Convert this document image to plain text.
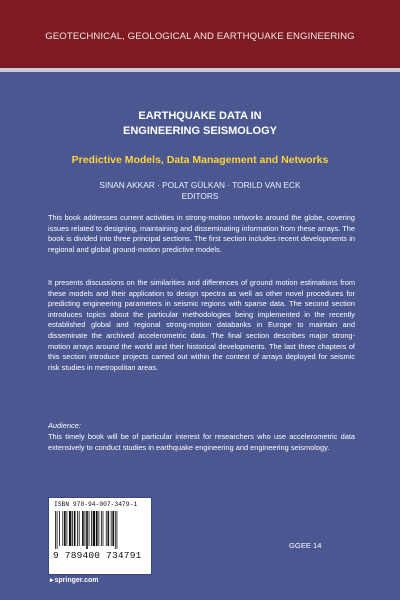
GEOTECHNICAL, GEOLOGICAL AND EARTHQUAKE ENGINEERING
EARTHQUAKE DATA IN
ENGINEERING SEISMOLOGY
Predictive Models, Data Management and Networks
SINAN AKKAR · POLAT GÜLKAN · TORILD VAN ECK
EDITORS
This book addresses current activities in strong-motion networks around the globe, covering issues related to designing, maintaining and disseminating information from these arrays. The book is divided into three principal sections. The first section includes recent developments in regional and global ground-motion predictive models.
It presents discussions on the similarities and differences of ground motion estimations from these models and their application to design spectra as well as other novel procedures for predicting engineering parameters in seismic regions with sparse data. The second section introduces topics about the particular methodologies being implemented in the recently established global and regional strong-motion databanks in Europe to maintain and disseminate the archived accelerometric data. The final section describes major strong-motion arrays around the world and their historical developments. The last three chapters of this section introduce projects carried out within the context of arrays deployed for seismic risk studies in metropolitan areas.
Audience:
This timely book will be of particular interest for researchers who use accelerometric data extensively to conduct studies in earthquake engineering and engineering seismology.
ISBN 978-94-007-3479-1
9 789400 734791
▸springer.com
GGEE 14
